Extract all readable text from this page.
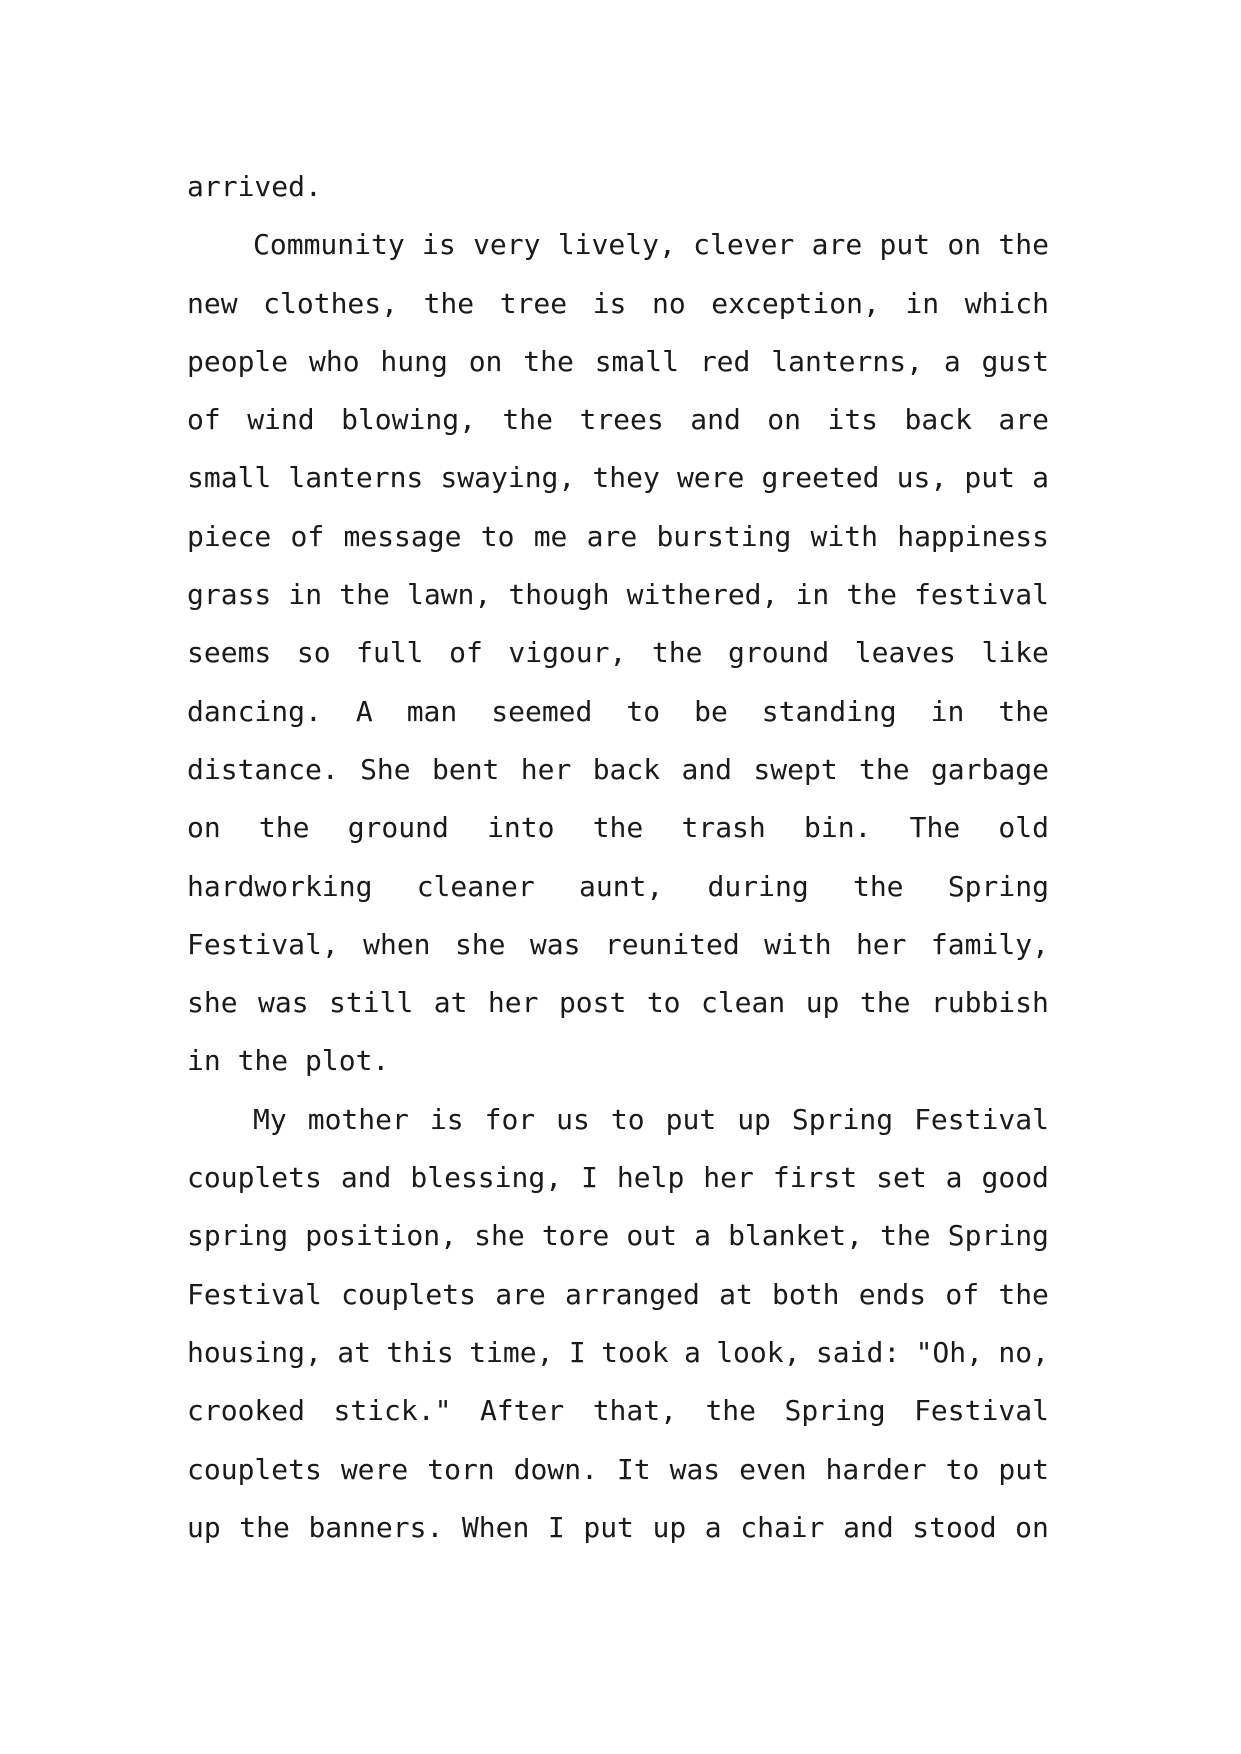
arrived.
Community is very lively, clever are put on the
new clothes, the tree is no exception, in which
people who hung on the small red lanterns, a gust
of wind blowing, the trees and on its back are
small lanterns swaying, they were greeted us, put a
piece of message to me are bursting with happiness
grass in the lawn, though withered, in the festival
seems so full of vigour, the ground leaves like
dancing. A man seemed to be standing in the
distance. She bent her back and swept the garbage
on the ground into the trash bin. The old
hardworking cleaner aunt, during the Spring
Festival, when she was reunited with her family,
she was still at her post to clean up the rubbish
in the plot.
My mother is for us to put up Spring Festival
couplets and blessing, I help her first set a good
spring position, she tore out a blanket, the Spring
Festival couplets are arranged at both ends of the
housing, at this time, I took a look, said: "Oh, no,
crooked stick." After that, the Spring Festival
couplets were torn down. It was even harder to put
up the banners. When I put up a chair and stood on
